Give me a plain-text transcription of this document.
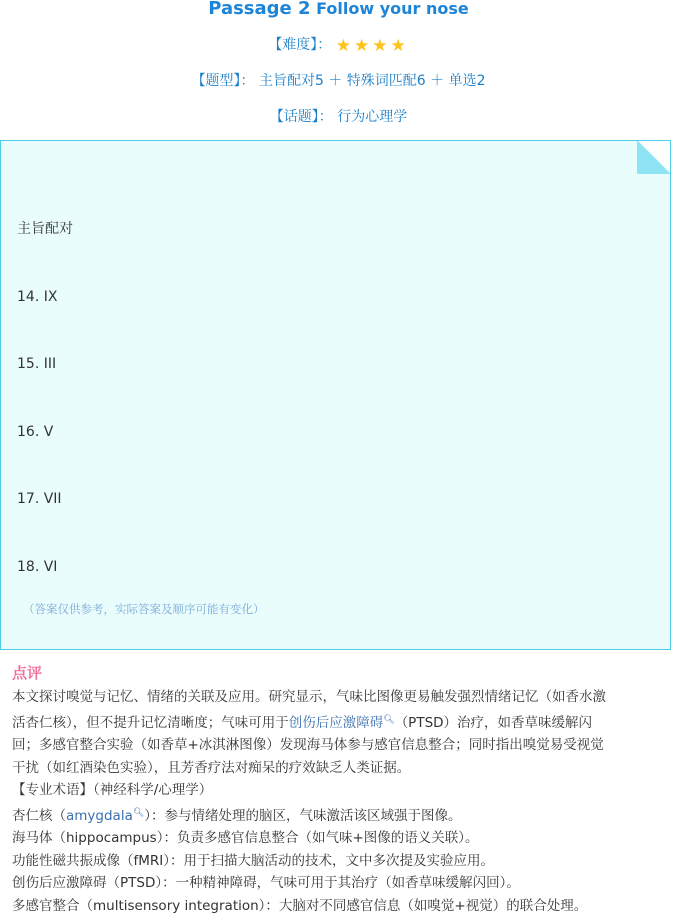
Passage 2 Follow your nose
【难度】： ★ ★ ★ ★
【题型】： 主旨配对5 ＋ 特殊词匹配6 ＋ 单选2
【话题】： 行为心理学

主旨配对

14. IX

15. III

16. V

17. VII

18. VI

（答案仅供参考，实际答案及顺序可能有变化）
点评

本文探讨嗅觉与记忆、情绪的关联及应用。研究显示，气味比图像更易触发强烈情绪记忆（如香水激

活杏仁核），但不提升记忆清晰度；气味可用于创伤后应激障碍🔍︎（PTSD）治疗，如香草味缓解闪

回；多感官整合实验（如香草+冰淇淋图像）发现海马体参与感官信息整合；同时指出嗅觉易受视觉

干扰（如红酒染色实验），且芳香疗法对痴呆的疗效缺乏人类证据。

【专业术语】（神经科学/心理学）

杏仁核（amygdala🔍︎）：参与情绪处理的脑区，气味激活该区域强于图像。

海马体（hippocampus）：负责多感官信息整合（如气味+图像的语义关联）。

功能性磁共振成像（fMRI）：用于扫描大脑活动的技术，文中多次提及实验应用。

创伤后应激障碍（PTSD）：一种精神障碍，气味可用于其治疗（如香草味缓解闪回）。

多感官整合（multisensory integration）：大脑对不同感官信息（如嗅觉+视觉）的联合处理。
